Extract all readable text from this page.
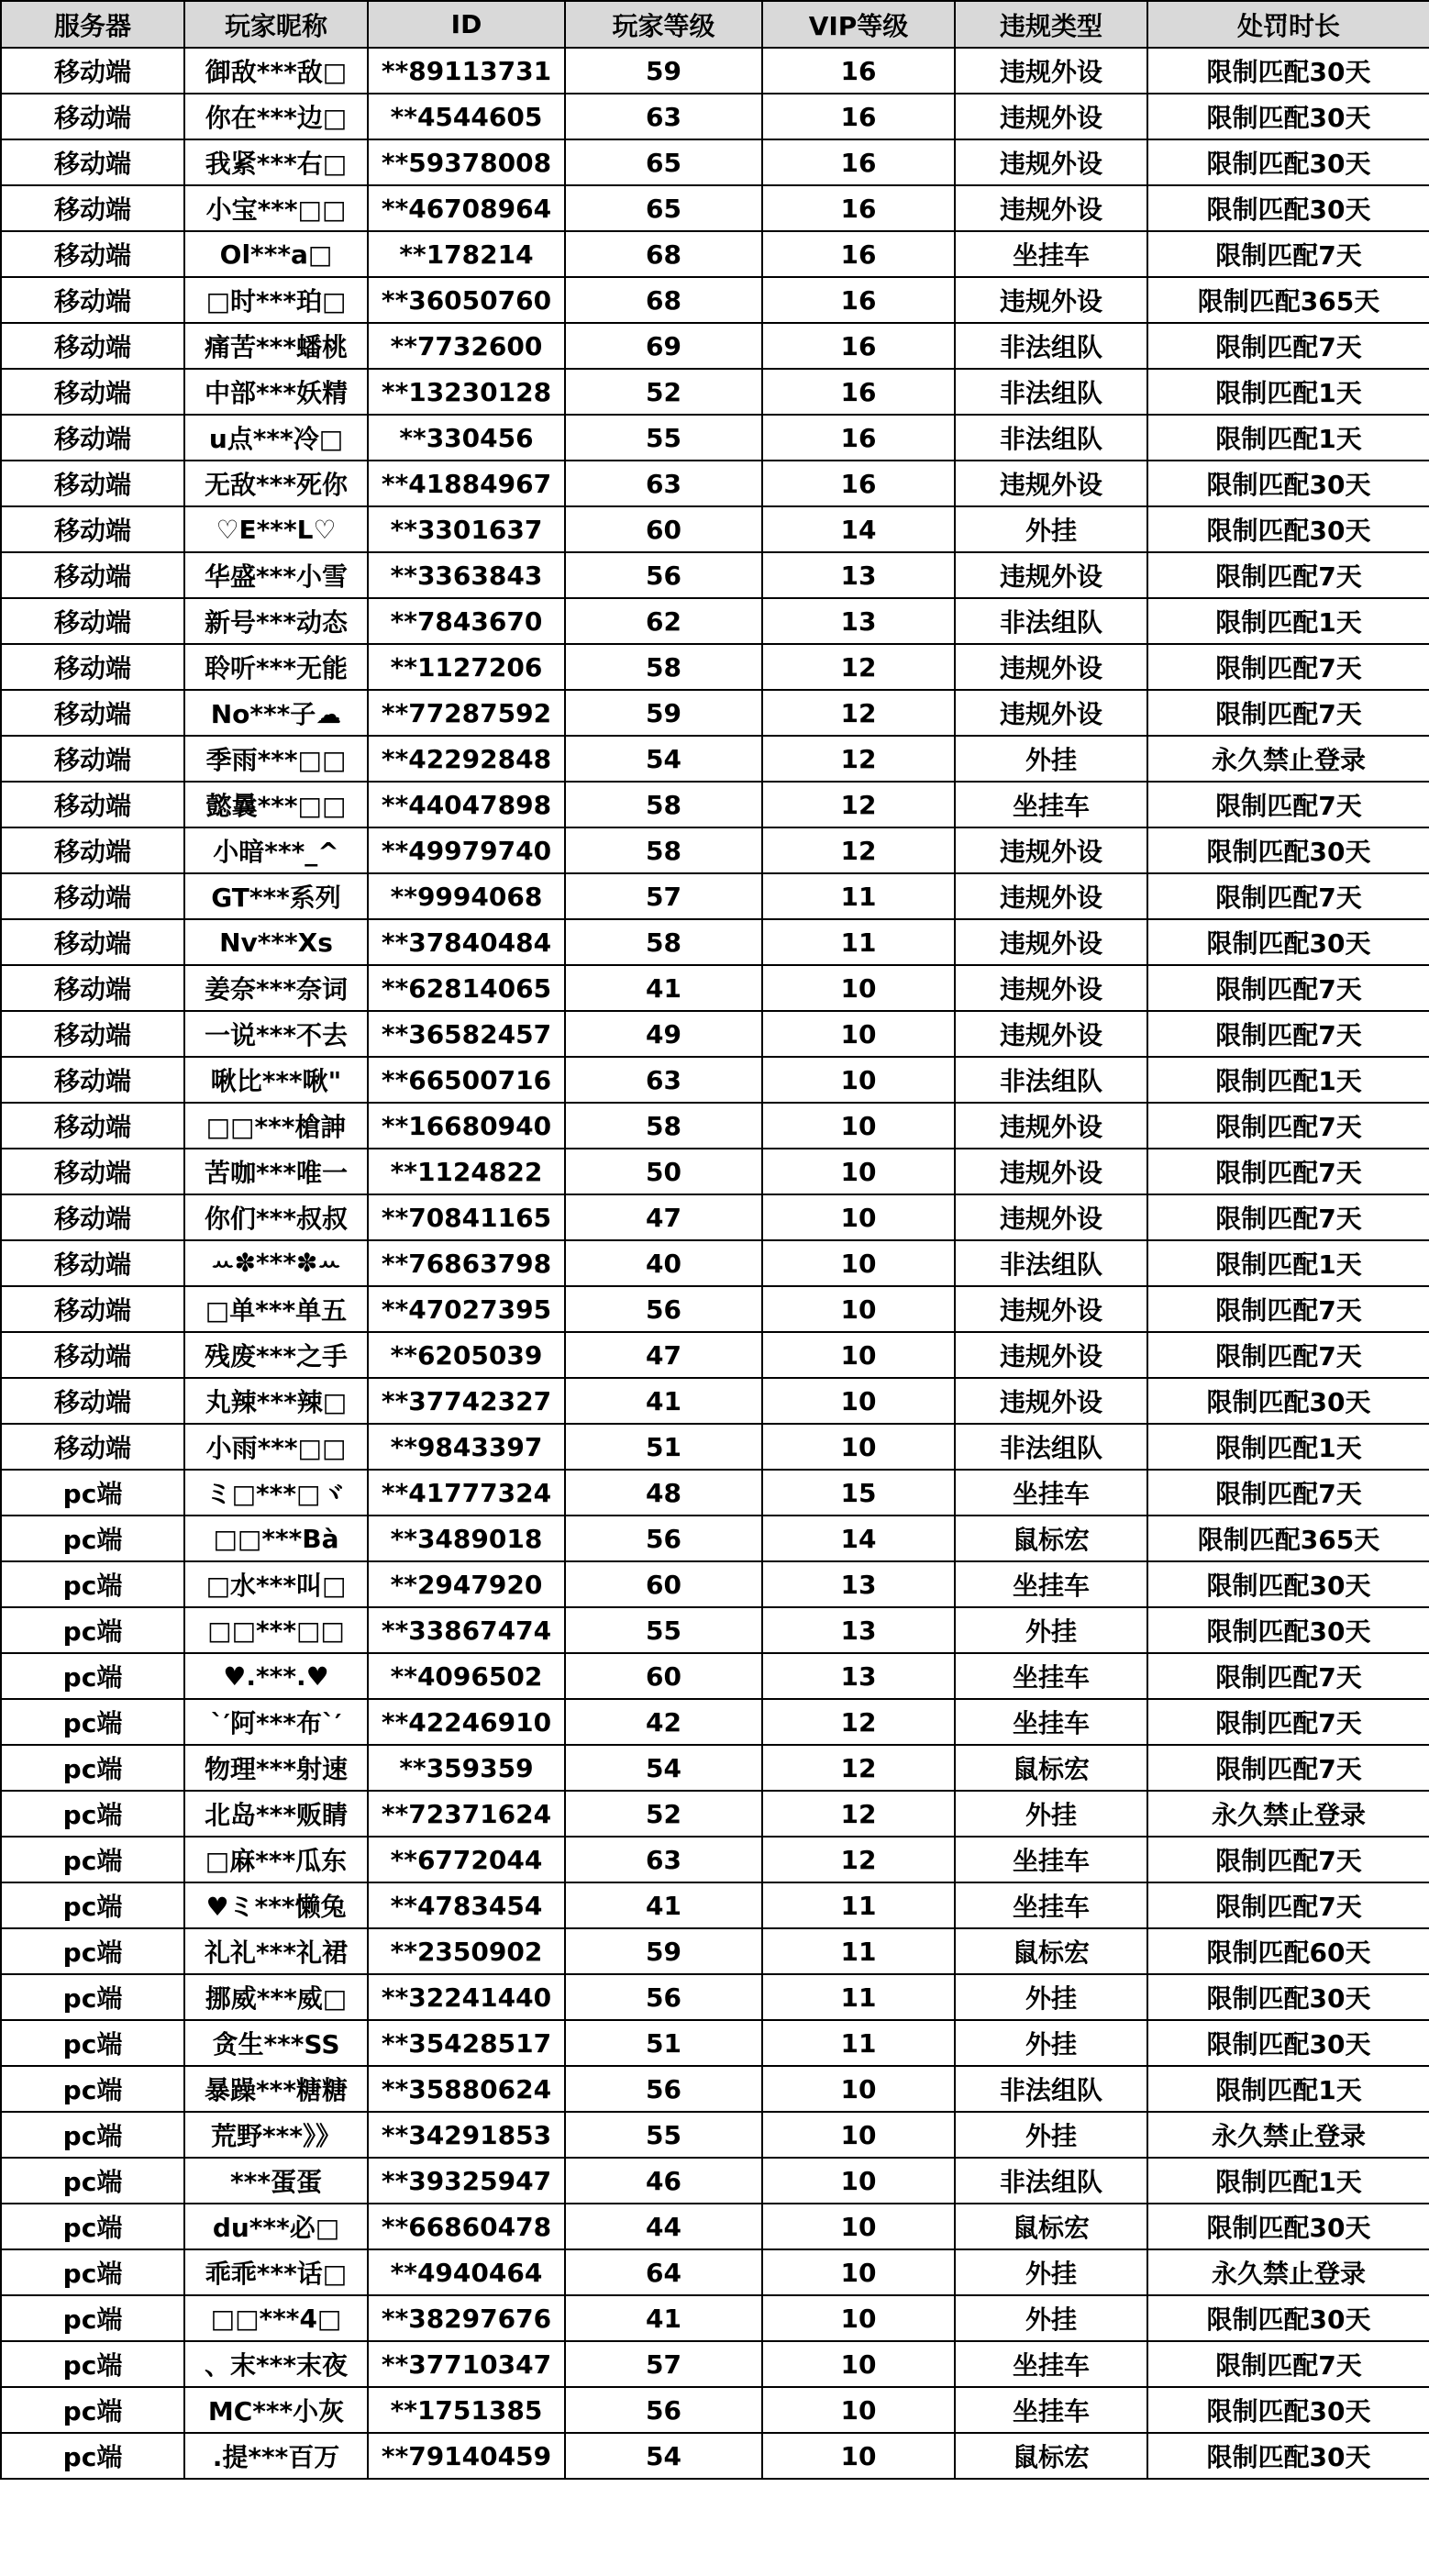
服务器	玩家昵称	ID	玩家等级	VIP等级	违规类型	处罚时长
移动端	御敌***敌□	**89113731	59	16	违规外设	限制匹配30天
移动端	你在***边□	**4544605	63	16	违规外设	限制匹配30天
移动端	我紧***右□	**59378008	65	16	违规外设	限制匹配30天
移动端	小宝***□□	**46708964	65	16	违规外设	限制匹配30天
移动端	Ol***a□	**178214	68	16	坐挂车	限制匹配7天
移动端	□时***珀□	**36050760	68	16	违规外设	限制匹配365天
移动端	痛苦***蟠桃	**7732600	69	16	非法组队	限制匹配7天
移动端	中部***妖精	**13230128	52	16	非法组队	限制匹配1天
移动端	u点***冷□	**330456	55	16	非法组队	限制匹配1天
移动端	无敌***死你	**41884967	63	16	违规外设	限制匹配30天
移动端	♡E***L♡	**3301637	60	14	外挂	限制匹配30天
移动端	华盛***小雪	**3363843	56	13	违规外设	限制匹配7天
移动端	新号***动态	**7843670	62	13	非法组队	限制匹配1天
移动端	聆听***无能	**1127206	58	12	违规外设	限制匹配7天
移动端	No***子☁	**77287592	59	12	违规外设	限制匹配7天
移动端	季雨***□□	**42292848	54	12	外挂	永久禁止登录
移动端	懿曩***□□	**44047898	58	12	坐挂车	限制匹配7天
移动端	小暗***_^	**49979740	58	12	违规外设	限制匹配30天
移动端	GT***系列	**9994068	57	11	违规外设	限制匹配7天
移动端	Nv***Xs	**37840484	58	11	违规外设	限制匹配30天
移动端	姜奈***奈词	**62814065	41	10	违规外设	限制匹配7天
移动端	一说***不去	**36582457	49	10	违规外设	限制匹配7天
移动端	啾比***啾"	**66500716	63	10	非法组队	限制匹配1天
移动端	□□***槍訷	**16680940	58	10	违规外设	限制匹配7天
移动端	苦咖***唯一	**1124822	50	10	违规外设	限制匹配7天
移动端	你们***叔叔	**70841165	47	10	违规外设	限制匹配7天
移动端	ꕀ✽***✽ꕀ	**76863798	40	10	非法组队	限制匹配1天
移动端	□单***单五	**47027395	56	10	违规外设	限制匹配7天
移动端	残废***之手	**6205039	47	10	违规外设	限制匹配7天
移动端	丸辣***辣□	**37742327	41	10	违规外设	限制匹配30天
移动端	小雨***□□	**9843397	51	10	非法组队	限制匹配1天
pc端	ミ□***□ヾ	**41777324	48	15	坐挂车	限制匹配7天
pc端	□□***Bà	**3489018	56	14	鼠标宏	限制匹配365天
pc端	□水***叫□	**2947920	60	13	坐挂车	限制匹配30天
pc端	□□***□□	**33867474	55	13	外挂	限制匹配30天
pc端	♥.***.♥	**4096502	60	13	坐挂车	限制匹配7天
pc端	ˋ′阿***布ˋ′	**42246910	42	12	坐挂车	限制匹配7天
pc端	物理***射速	**359359	54	12	鼠标宏	限制匹配7天
pc端	北岛***贩睛	**72371624	52	12	外挂	永久禁止登录
pc端	□麻***瓜东	**6772044	63	12	坐挂车	限制匹配7天
pc端	♥ミ***懒兔	**4783454	41	11	坐挂车	限制匹配7天
pc端	礼礼***礼裙	**2350902	59	11	鼠标宏	限制匹配60天
pc端	挪威***威□	**32241440	56	11	外挂	限制匹配30天
pc端	贪生***SS	**35428517	51	11	外挂	限制匹配30天
pc端	暴躁***糖糖	**35880624	56	10	非法组队	限制匹配1天
pc端	荒野***》》	**34291853	55	10	外挂	永久禁止登录
pc端	***蛋蛋	**39325947	46	10	非法组队	限制匹配1天
pc端	du***必□	**66860478	44	10	鼠标宏	限制匹配30天
pc端	乖乖***话□	**4940464	64	10	外挂	永久禁止登录
pc端	□□***4□	**38297676	41	10	外挂	限制匹配30天
pc端	、末***末夜	**37710347	57	10	坐挂车	限制匹配7天
pc端	MC***小灰	**1751385	56	10	坐挂车	限制匹配30天
pc端	.提***百万	**79140459	54	10	鼠标宏	限制匹配30天
